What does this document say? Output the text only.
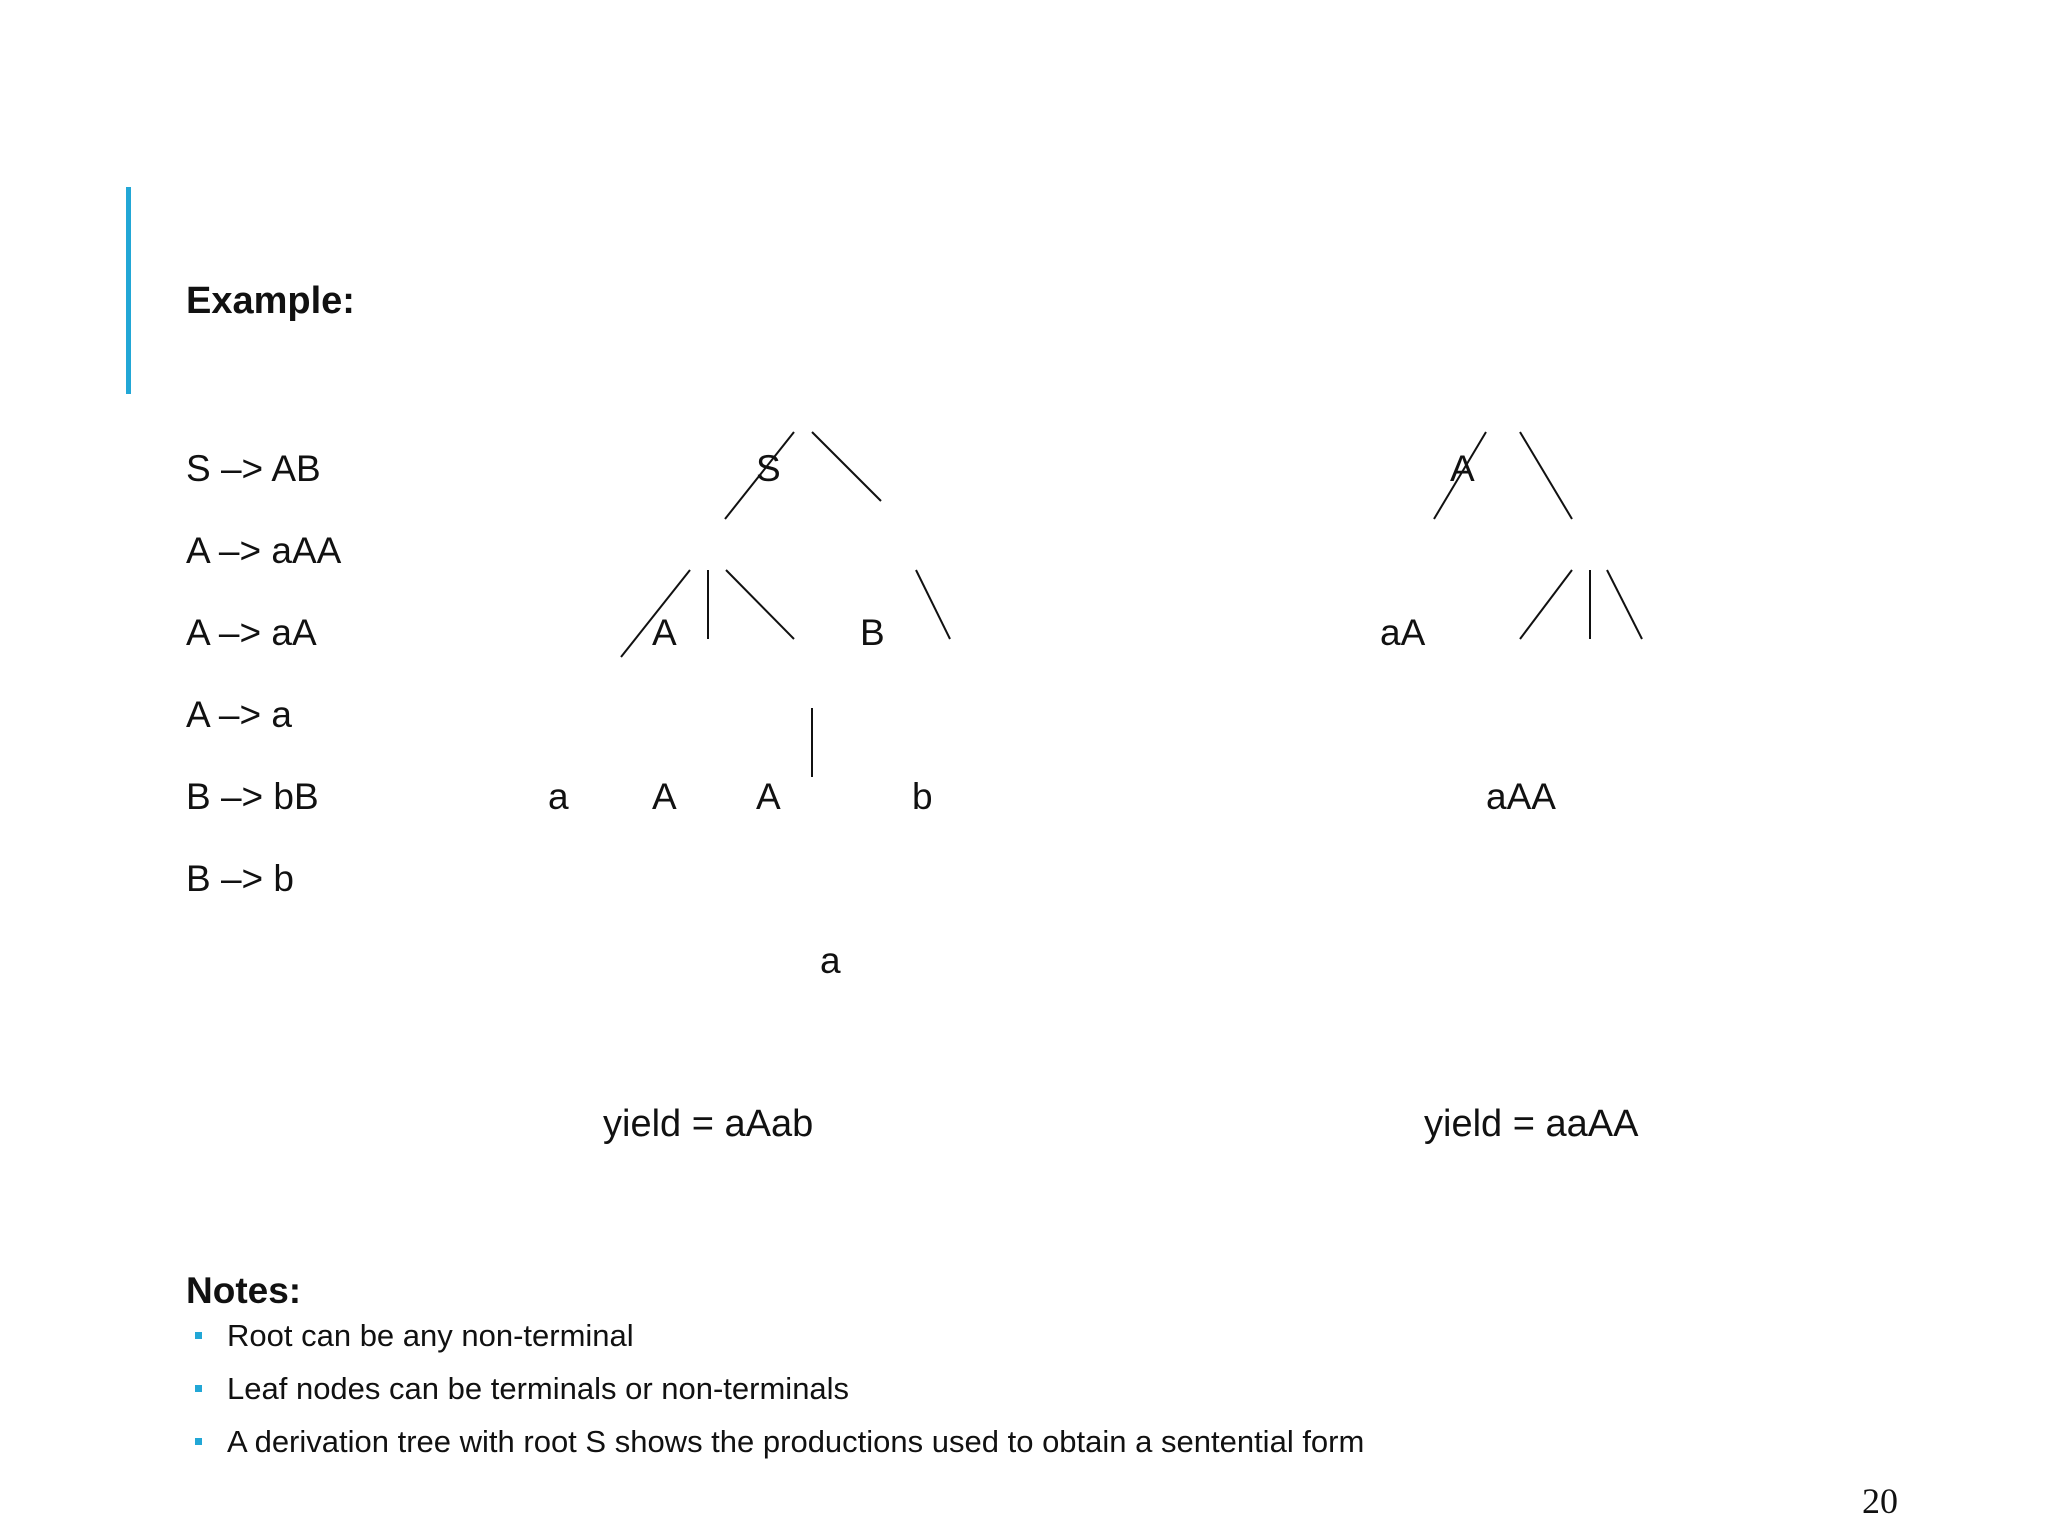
Example:
S –> AB
A –> aAA
A –> aA
A –> a
B –> bB
B –> b
S
A	B
a A A	b
a
yield = aAab
A
aA
aAA
yield = aaAA
Notes:
Root can be any non-terminal
Leaf nodes can be terminals or non-terminals
A derivation tree with root S shows the productions used to obtain a sentential form
20
